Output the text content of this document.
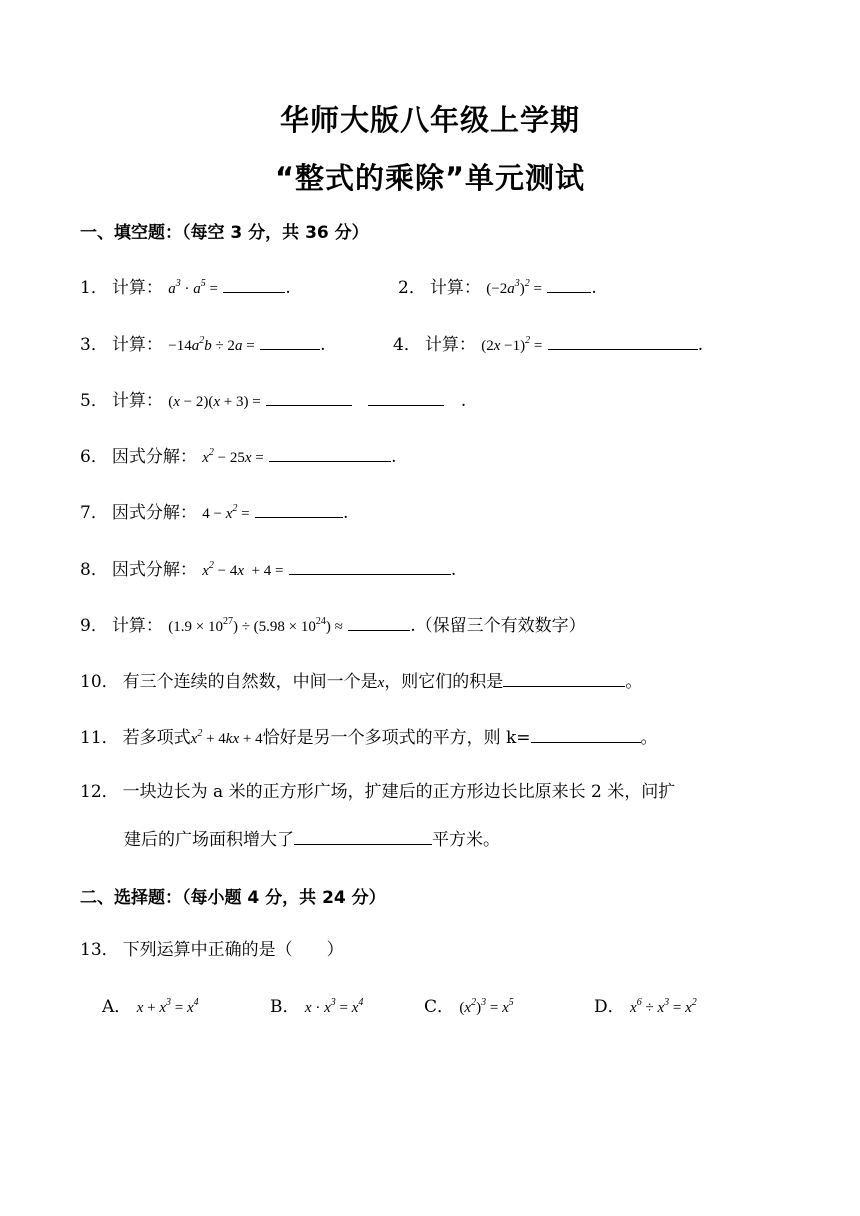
华师大版八年级上学期
“整式的乘除”单元测试
一、填空题：（每空 3 分，共 36 分）
1． 计算： $a^3 \cdot a^5$ =	.	2． 计算： $(-2a^3)^2$ =	.
3． 计算： $-14a^2b \div 2a$ =	.	4． 计算： $(2x -1)^2$ =	.
5． 计算： (x − 2)(x + 3) =	.
6． 因式分解： $x^2 - 25x$ =	.
7． 因式分解： $4 - x^2$ =	.
8． 因式分解： $x^2 - 4x + 4$ =	.
9． 计算： $(1.9 \times 10^{27}) \div (5.98 \times 10^{24})$ ≈	.（保留三个有效数字）
10． 有三个连续的自然数，中间一个是x，则它们的积是	。
11． 若多项式$x^2 + 4kx + 4$恰好是另一个多项式的平方，则 k=	。
12． 一块边长为 a 米的正方形广场，扩建后的正方形边长比原来长 2 米，问扩
建后的广场面积增大了	平方米。
二、选择题：（每小题 4 分，共 24 分）
13． 下列运算中正确的是（　　）
A． $x + x^3 = x^4$	B． $x \cdot x^3 = x^4$	C． $(x^2)^3 = x^5$	D． $x^6 \div x^3 = x^2$
